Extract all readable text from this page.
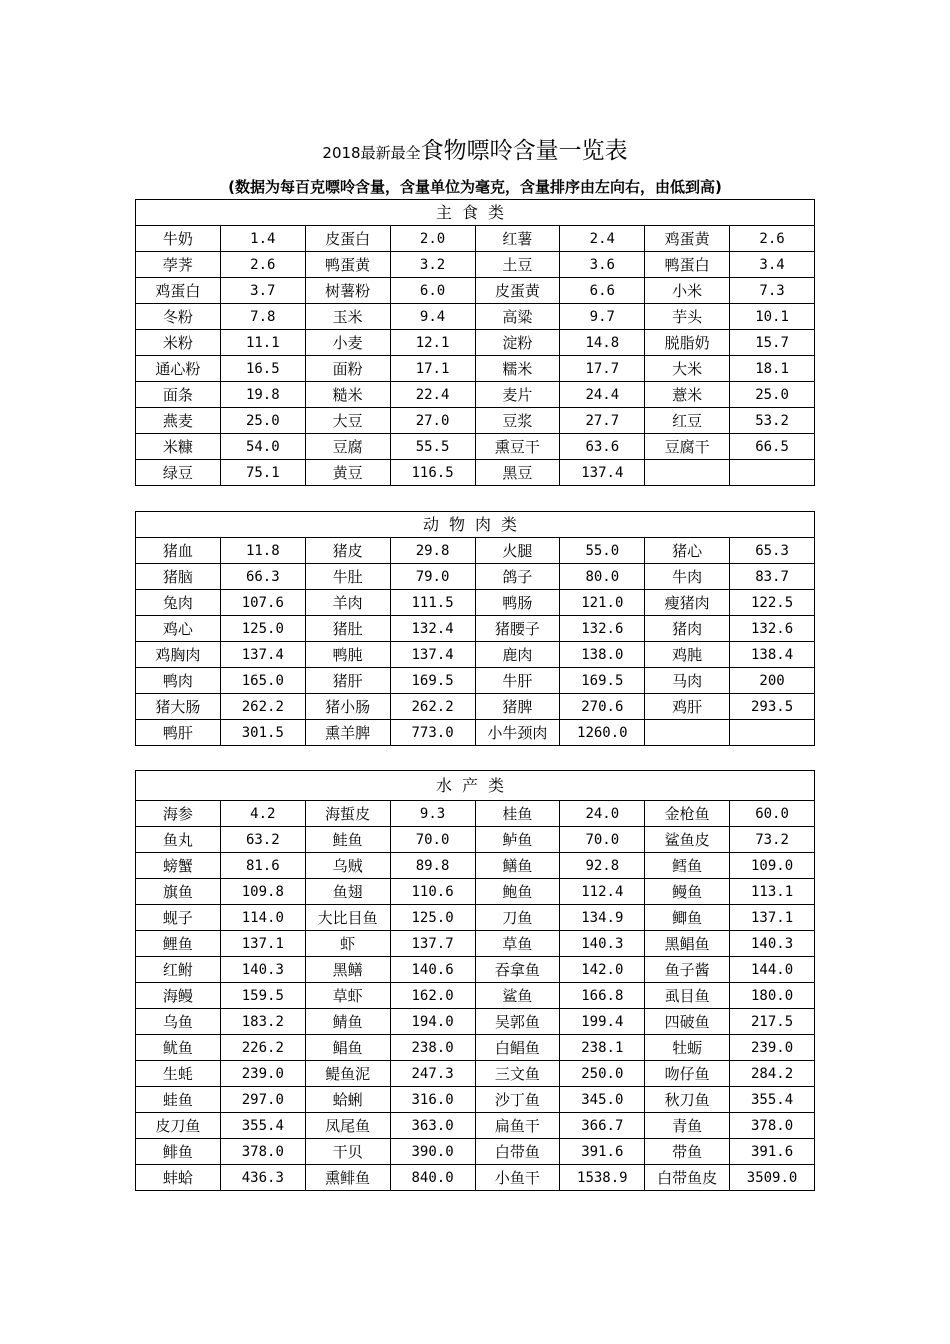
2018最新最全食物嘌呤含量一览表
(数据为每百克嘌呤含量，含量单位为毫克，含量排序由左向右，由低到高)
主食类							
牛奶	1.4	皮蛋白	2.0	红薯	2.4	鸡蛋黄	2.6
荸荠	2.6	鸭蛋黄	3.2	土豆	3.6	鸭蛋白	3.4
鸡蛋白	3.7	树薯粉	6.0	皮蛋黄	6.6	小米	7.3
冬粉	7.8	玉米	9.4	高粱	9.7	芋头	10.1
米粉	11.1	小麦	12.1	淀粉	14.8	脱脂奶	15.7
通心粉	16.5	面粉	17.1	糯米	17.7	大米	18.1
面条	19.8	糙米	22.4	麦片	24.4	薏米	25.0
燕麦	25.0	大豆	27.0	豆浆	27.7	红豆	53.2
米糠	54.0	豆腐	55.5	熏豆干	63.6	豆腐干	66.5
绿豆	75.1	黄豆	116.5	黑豆	137.4		
动物肉类							
猪血	11.8	猪皮	29.8	火腿	55.0	猪心	65.3
猪脑	66.3	牛肚	79.0	鸽子	80.0	牛肉	83.7
兔肉	107.6	羊肉	111.5	鸭肠	121.0	瘦猪肉	122.5
鸡心	125.0	猪肚	132.4	猪腰子	132.6	猪肉	132.6
鸡胸肉	137.4	鸭肫	137.4	鹿肉	138.0	鸡肫	138.4
鸭肉	165.0	猪肝	169.5	牛肝	169.5	马肉	200
猪大肠	262.2	猪小肠	262.2	猪脾	270.6	鸡肝	293.5
鸭肝	301.5	熏羊脾	773.0	小牛颈肉	1260.0		
水产类							
海参	4.2	海蜇皮	9.3	桂鱼	24.0	金枪鱼	60.0
鱼丸	63.2	鲑鱼	70.0	鲈鱼	70.0	鲨鱼皮	73.2
螃蟹	81.6	乌贼	89.8	鳝鱼	92.8	鳕鱼	109.0
旗鱼	109.8	鱼翅	110.6	鲍鱼	112.4	鳗鱼	113.1
蚬子	114.0	大比目鱼	125.0	刀鱼	134.9	鲫鱼	137.1
鲤鱼	137.1	虾	137.7	草鱼	140.3	黑鲳鱼	140.3
红鲋	140.3	黑鳝	140.6	吞拿鱼	142.0	鱼子酱	144.0
海鳗	159.5	草虾	162.0	鲨鱼	166.8	虱目鱼	180.0
乌鱼	183.2	鲭鱼	194.0	吴郭鱼	199.4	四破鱼	217.5
鱿鱼	226.2	鲳鱼	238.0	白鲳鱼	238.1	牡蛎	239.0
生蚝	239.0	鳀鱼泥	247.3	三文鱼	250.0	吻仔鱼	284.2
蛙鱼	297.0	蛤蜊	316.0	沙丁鱼	345.0	秋刀鱼	355.4
皮刀鱼	355.4	凤尾鱼	363.0	扁鱼干	366.7	青鱼	378.0
鲱鱼	378.0	干贝	390.0	白带鱼	391.6	带鱼	391.6
蚌蛤	436.3	熏鲱鱼	840.0	小鱼干	1538.9	白带鱼皮	3509.0
